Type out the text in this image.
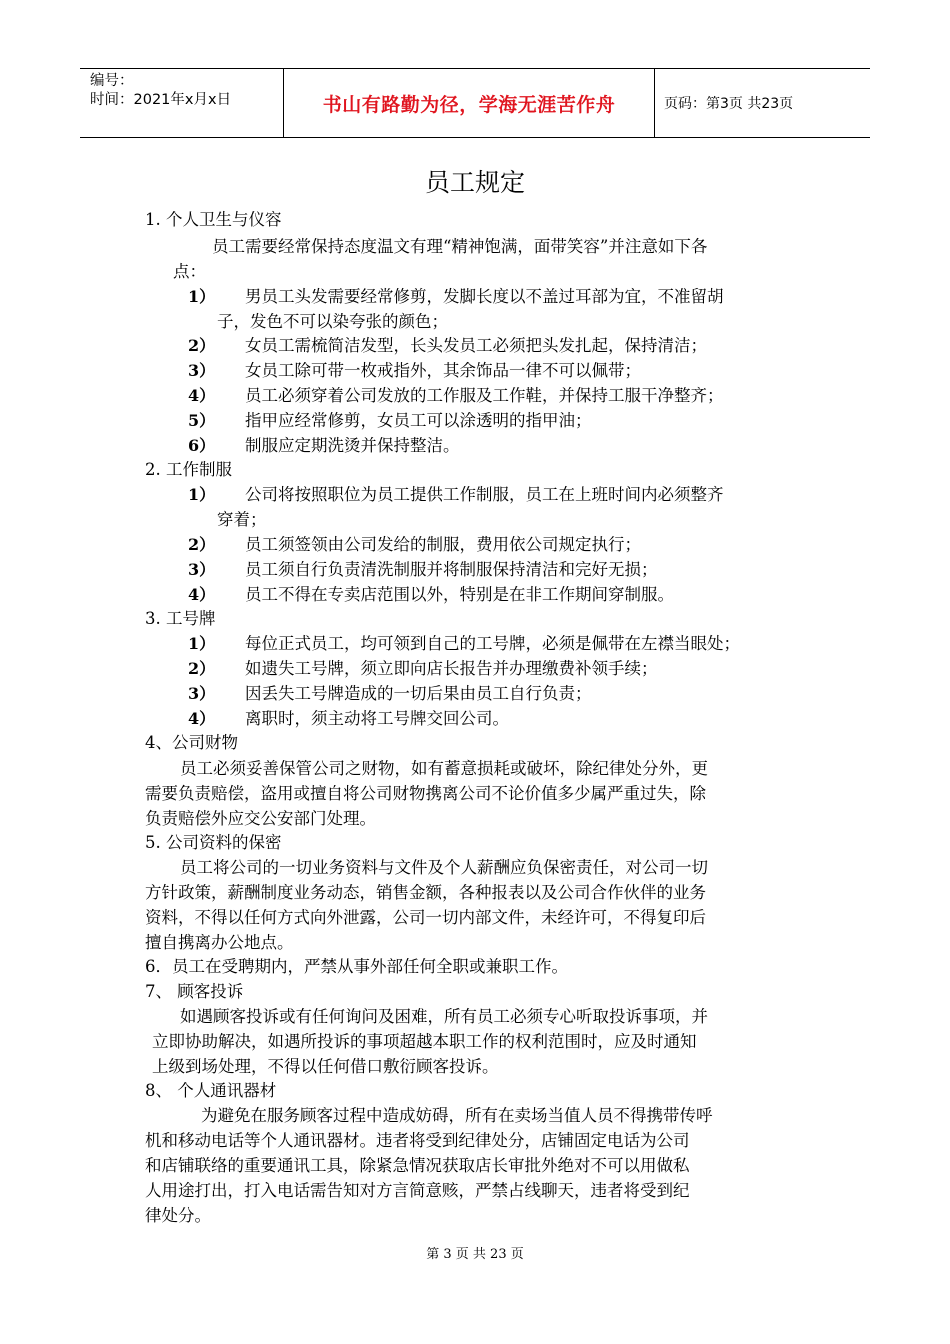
编号：
时间：2021年x月x日	书山有路勤为径，学海无涯苦作舟	页码：第3页 共23页
员工规定
1. 个人卫生与仪容
员工需要经常保持态度温文有理“精神饱满，面带笑容”并注意如下各
点：
1） 男员工头发需要经常修剪，发脚长度以不盖过耳部为宜，不准留胡
子，发色不可以染夸张的颜色；
2） 女员工需梳简洁发型，长头发员工必须把头发扎起，保持清洁；
3） 女员工除可带一枚戒指外，其余饰品一律不可以佩带；
4） 员工必须穿着公司发放的工作服及工作鞋，并保持工服干净整齐；
5） 指甲应经常修剪，女员工可以涂透明的指甲油；
6） 制服应定期洗烫并保持整洁。
2. 工作制服
1） 公司将按照职位为员工提供工作制服，员工在上班时间内必须整齐
穿着；
2） 员工须签领由公司发给的制服，费用依公司规定执行；
3） 员工须自行负责清洗制服并将制服保持清洁和完好无损；
4） 员工不得在专卖店范围以外，特别是在非工作期间穿制服。
3. 工号牌
1） 每位正式员工，均可领到自己的工号牌，必须是佩带在左襟当眼处；
2） 如遗失工号牌，须立即向店长报告并办理缴费补领手续；
3） 因丢失工号牌造成的一切后果由员工自行负责；
4） 离职时，须主动将工号牌交回公司。
4、公司财物
员工必须妥善保管公司之财物，如有蓄意损耗或破坏，除纪律处分外，更
需要负责赔偿，盗用或擅自将公司财物携离公司不论价值多少属严重过失，除
负责赔偿外应交公安部门处理。
5. 公司资料的保密
员工将公司的一切业务资料与文件及个人薪酬应负保密责任，对公司一切
方针政策，薪酬制度业务动态，销售金额，各种报表以及公司合作伙伴的业务
资料，不得以任何方式向外泄露，公司一切内部文件，未经许可，不得复印后
擅自携离办公地点。
6．员工在受聘期内，严禁从事外部任何全职或兼职工作。
7、 顾客投诉
如遇顾客投诉或有任何询问及困难，所有员工必须专心听取投诉事项，并
立即协助解决，如遇所投诉的事项超越本职工作的权利范围时，应及时通知
上级到场处理，不得以任何借口敷衍顾客投诉。
8、 个人通讯器材
为避免在服务顾客过程中造成妨碍，所有在卖场当值人员不得携带传呼
机和移动电话等个人通讯器材。违者将受到纪律处分，店铺固定电话为公司
和店铺联络的重要通讯工具，除紧急情况获取店长审批外绝对不可以用做私
人用途打出，打入电话需告知对方言简意赅，严禁占线聊天，违者将受到纪
律处分。
第 3 页 共 23 页
